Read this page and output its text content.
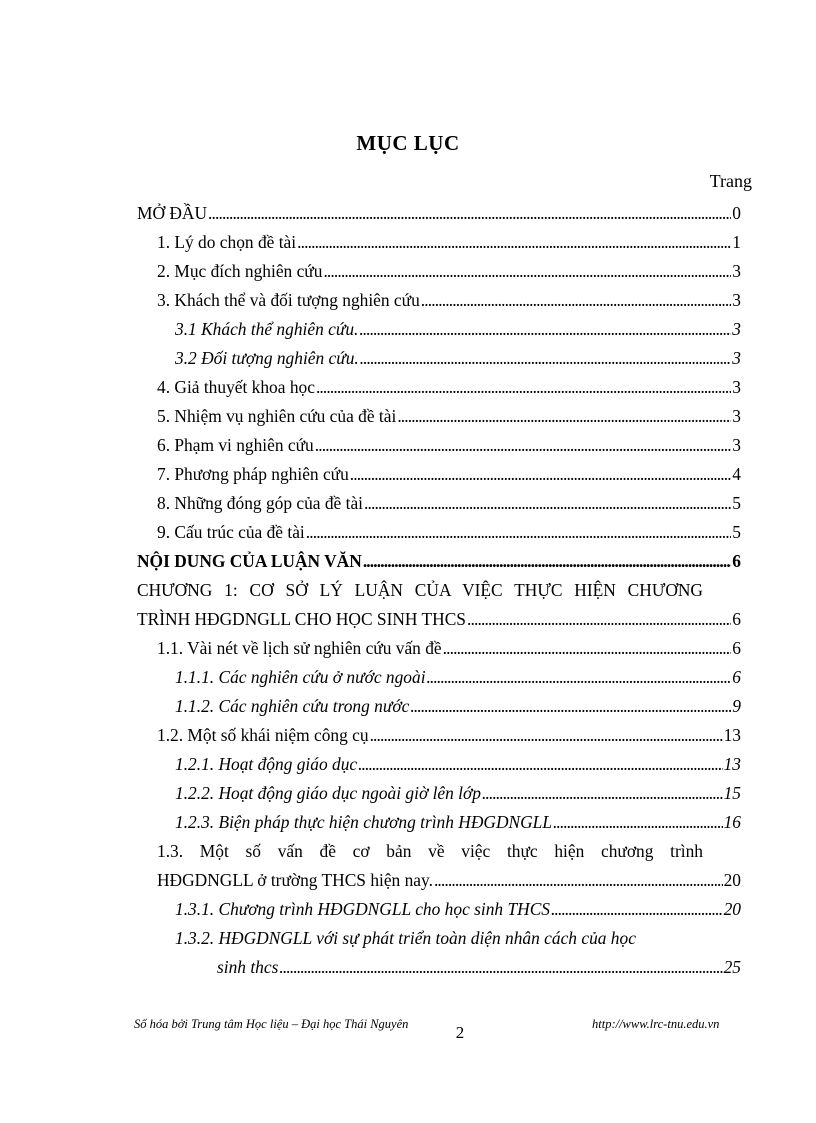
MỤC LỤC
Trang
MỞ ĐẦU . . .	0
1. Lý do chọn đề tài . . .	1
2. Mục đích nghiên cứu . . .	3
3. Khách thể và đối tượng nghiên cứu . . .	3
3.1 Khách thể nghiên cứu. . . .	3
3.2 Đối tượng nghiên cứu. . . .	3
4. Giả thuyết khoa học . . .	3
5. Nhiệm vụ nghiên cứu của đề tài . . .	3
6. Phạm vi nghiên cứu . . .	3
7. Phương pháp nghiên cứu . . .	4
8. Những đóng góp của đề tài . . .	5
9. Cấu trúc của đề tài . . .	5
NỘI DUNG CỦA LUẬN VĂN . . .	6
CHƯƠNG 1: CƠ SỞ LÝ LUẬN CỦA VIỆC THỰC HIỆN CHƯƠNG
TRÌNH HĐGDNGLL CHO HỌC SINH THCS . . .	6
1.1. Vài nét về lịch sử nghiên cứu vấn đề . . .	6
1.1.1. Các nghiên cứu ở nước ngoài . . .	6
1.1.2. Các nghiên cứu trong nước . . .	9
1.2. Một số khái niệm công cụ . . .	13
1.2.1. Hoạt động giáo dục . . .	13
1.2.2. Hoạt động giáo dục ngoài giờ lên lớp . . .	15
1.2.3. Biện pháp thực hiện chương trình HĐGDNGLL . . .	16
1.3. Một số vấn đề cơ bản về việc thực hiện chương trình
HĐGDNGLL ở trường THCS hiện nay. . . .	20
1.3.1. Chương trình HĐGDNGLL cho học sinh THCS . . .	20
1.3.2. HĐGDNGLL với sự phát triển toàn diện nhân cách của học
sinh thcs . . .	25
Số hóa bởi Trung tâm Học liệu – Đại học Thái Nguyên	2	http://www.lrc-tnu.edu.vn
